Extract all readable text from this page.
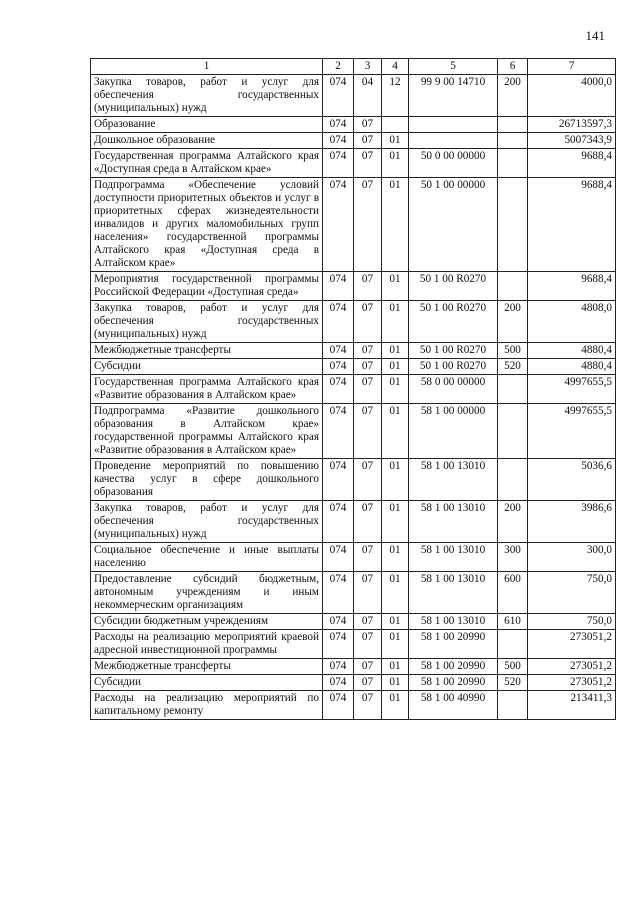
141
1	2	3	4	5	6	7
Закупка товаров, работ и услуг для обеспечения государственных (муниципальных) нужд	074	04	12	99 9 00 14710	200	4000,0
Образование	074	07				26713597,3
Дошкольное образование	074	07	01			5007343,9
Государственная программа Алтайского края «Доступная среда в Алтайском крае»	074	07	01	50 0 00 00000		9688,4
Подпрограмма «Обеспечение условий доступности приоритетных объектов и услуг в приоритетных сферах жизнедеятельности инвалидов и других маломобильных групп населения» государственной программы Алтайского края «Доступная среда в Алтайском крае»	074	07	01	50 1 00 00000		9688,4
Мероприятия государственной программы Российской Федерации «Доступная среда»	074	07	01	50 1 00 R0270		9688,4
Закупка товаров, работ и услуг для обеспечения государственных (муниципальных) нужд	074	07	01	50 1 00 R0270	200	4808,0
Межбюджетные трансферты	074	07	01	50 1 00 R0270	500	4880,4
Субсидии	074	07	01	50 1 00 R0270	520	4880,4
Государственная программа Алтайского края «Развитие образования в Алтайском крае»	074	07	01	58 0 00 00000		4997655,5
Подпрограмма «Развитие дошкольного образования в Алтайском крае» государственной программы Алтайского края «Развитие образования в Алтайском крае»	074	07	01	58 1 00 00000		4997655,5
Проведение мероприятий по повышению качества услуг в сфере дошкольного образования	074	07	01	58 1 00 13010		5036,6
Закупка товаров, работ и услуг для обеспечения государственных (муниципальных) нужд	074	07	01	58 1 00 13010	200	3986,6
Социальное обеспечение и иные выплаты населению	074	07	01	58 1 00 13010	300	300,0
Предоставление субсидий бюджетным, автономным учреждениям и иным некоммерческим организациям	074	07	01	58 1 00 13010	600	750,0
Субсидии бюджетным учреждениям	074	07	01	58 1 00 13010	610	750,0
Расходы на реализацию мероприятий краевой адресной инвестиционной программы	074	07	01	58 1 00 20990		273051,2
Межбюджетные трансферты	074	07	01	58 1 00 20990	500	273051,2
Субсидии	074	07	01	58 1 00 20990	520	273051,2
Расходы на реализацию мероприятий по капитальному ремонту	074	07	01	58 1 00 40990		213411,3
